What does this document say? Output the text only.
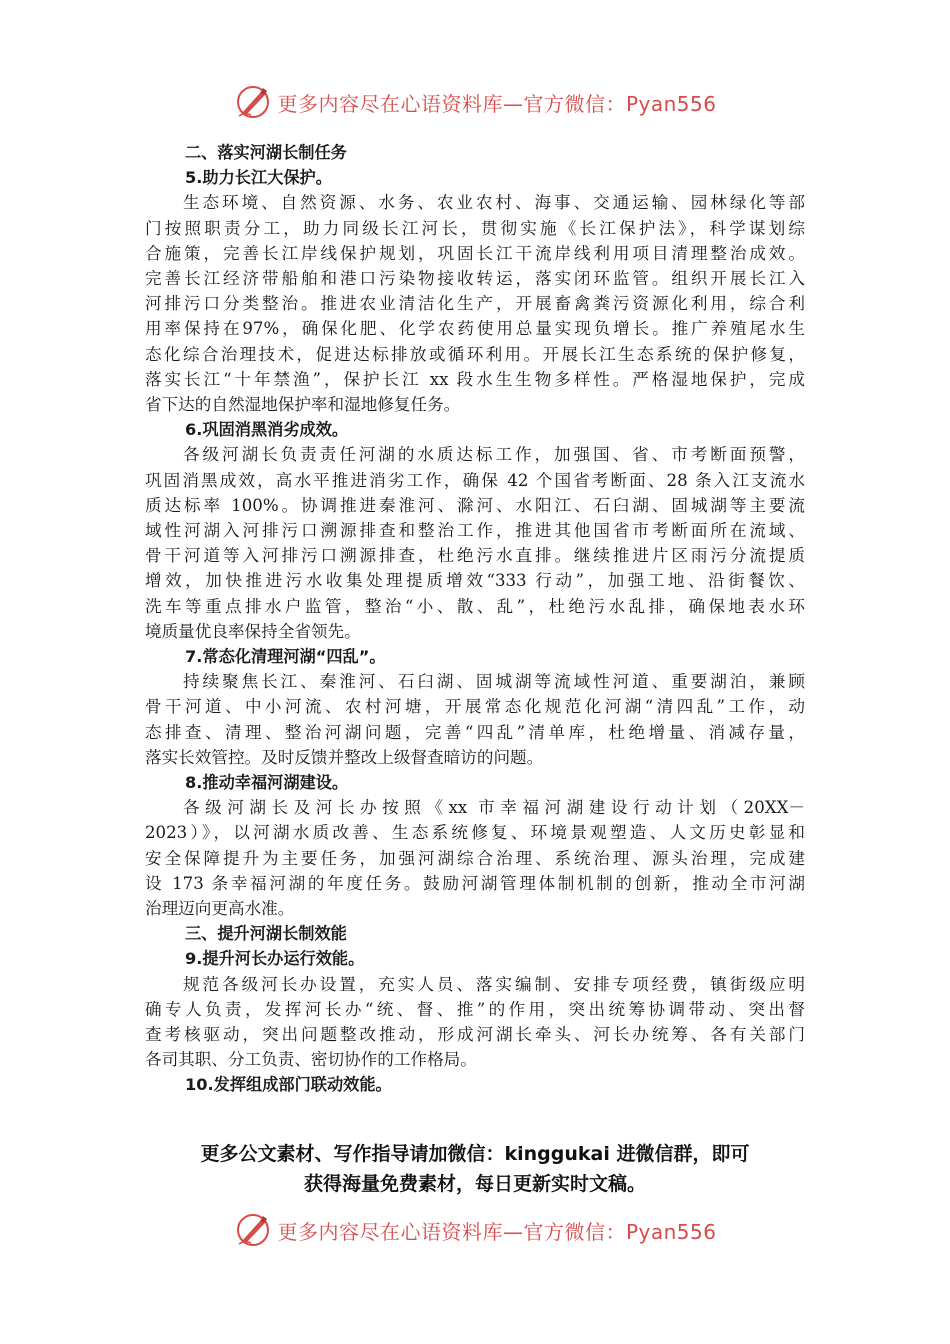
更多内容尽在心语资料库—官方微信：Pyan556
二、落实河湖长制任务
5.助力长江大保护。
生态环境、自然资源、水务、农业农村、海事、交通运输、园林绿化等部
门按照职责分工，助力同级长江河长，贯彻实施《长江保护法》，科学谋划综
合施策，完善长江岸线保护规划，巩固长江干流岸线利用项目清理整治成效。
完善长江经济带船舶和港口污染物接收转运，落实闭环监管。组织开展长江入
河排污口分类整治。推进农业清洁化生产，开展畜禽粪污资源化利用，综合利
用率保持在97%，确保化肥、化学农药使用总量实现负增长。推广养殖尾水生
态化综合治理技术，促进达标排放或循环利用。开展长江生态系统的保护修复，
落实长江“十年禁渔”，保护长江 xx 段水生生物多样性。严格湿地保护，完成
省下达的自然湿地保护率和湿地修复任务。
6.巩固消黑消劣成效。
各级河湖长负责责任河湖的水质达标工作，加强国、省、市考断面预警，
巩固消黑成效，高水平推进消劣工作，确保 42 个国省考断面、28 条入江支流水
质达标率 100%。协调推进秦淮河、滁河、水阳江、石臼湖、固城湖等主要流
域性河湖入河排污口溯源排查和整治工作，推进其他国省市考断面所在流域、
骨干河道等入河排污口溯源排查，杜绝污水直排。继续推进片区雨污分流提质
增效，加快推进污水收集处理提质增效“333 行动”，加强工地、沿街餐饮、
洗车等重点排水户监管，整治“小、散、乱”，杜绝污水乱排，确保地表水环
境质量优良率保持全省领先。
7.常态化清理河湖“四乱”。
持续聚焦长江、秦淮河、石臼湖、固城湖等流域性河道、重要湖泊，兼顾
骨干河道、中小河流、农村河塘，开展常态化规范化河湖“清四乱”工作，动
态排查、清理、整治河湖问题，完善“四乱”清单库，杜绝增量、消减存量，
落实长效管控。及时反馈并整改上级督查暗访的问题。
8.推动幸福河湖建设。
各级河湖长及河长办按照《xx 市幸福河湖建设行动计划（20XX－
2023）》，以河湖水质改善、生态系统修复、环境景观塑造、人文历史彰显和
安全保障提升为主要任务，加强河湖综合治理、系统治理、源头治理，完成建
设 173 条幸福河湖的年度任务。鼓励河湖管理体制机制的创新，推动全市河湖
治理迈向更高水准。
三、提升河湖长制效能
9.提升河长办运行效能。
规范各级河长办设置，充实人员、落实编制、安排专项经费，镇街级应明
确专人负责，发挥河长办“统、督、推”的作用，突出统筹协调带动、突出督
查考核驱动，突出问题整改推动，形成河湖长牵头、河长办统筹、各有关部门
各司其职、分工负责、密切协作的工作格局。
10.发挥组成部门联动效能。
更多公文素材、写作指导请加微信：kinggukai 进微信群，即可
获得海量免费素材，每日更新实时文稿。
更多内容尽在心语资料库—官方微信：Pyan556
